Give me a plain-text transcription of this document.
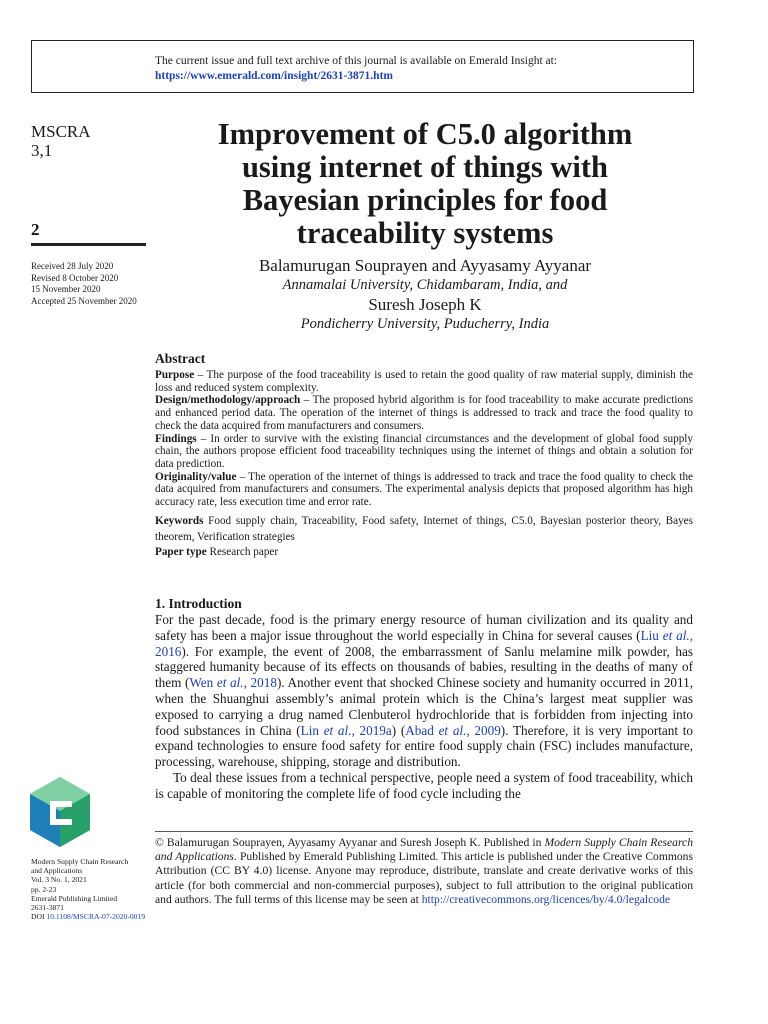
The current issue and full text archive of this journal is available on Emerald Insight at:
https://www.emerald.com/insight/2631-3871.htm
MSCRA
3,1
2
Received 28 July 2020
Revised 8 October 2020
15 November 2020
Accepted 25 November 2020
Improvement of C5.0 algorithm
using internet of things with
Bayesian principles for food
traceability systems
Balamurugan Souprayen and Ayyasamy Ayyanar
Annamalai University, Chidambaram, India, and
Suresh Joseph K
Pondicherry University, Puducherry, India
Abstract

Purpose – The purpose of the food traceability is used to retain the good quality of raw material supply, diminish the loss and reduced system complexity.

Design/methodology/approach – The proposed hybrid algorithm is for food traceability to make accurate predictions and enhanced period data. The operation of the internet of things is addressed to track and trace the food quality to check the data acquired from manufacturers and consumers.

Findings – In order to survive with the existing financial circumstances and the development of global food supply chain, the authors propose efficient food traceability techniques using the internet of things and obtain a solution for data prediction.

Originality/value – The operation of the internet of things is addressed to track and trace the food quality to check the data acquired from manufacturers and consumers. The experimental analysis depicts that proposed algorithm has high accuracy rate, less execution time and error rate.

Keywords Food supply chain, Traceability, Food safety, Internet of things, C5.0, Bayesian posterior theory, Bayes theorem, Verification strategies

Paper type Research paper

1. Introduction

For the past decade, food is the primary energy resource of human civilization and its quality and safety has been a major issue throughout the world especially in China for several causes (Liu et al., 2016). For example, the event of 2008, the embarrassment of Sanlu melamine milk powder, has staggered humanity because of its effects on thousands of babies, resulting in the deaths of many of them (Wen et al., 2018). Another event that shocked Chinese society and humanity occurred in 2011, when the Shuanghui assembly’s animal protein which is the China’s largest meat supplier was exposed to carrying a drug named Clenbuterol hydrochloride that is forbidden from injecting into food substances in China (Lin et al., 2019a) (Abad et al., 2009). Therefore, it is very important to expand technologies to ensure food safety for entire food supply chain (FSC) includes manufacture, processing, warehouse, shipping, storage and distribution.

To deal these issues from a technical perspective, people need a system of food traceability, which is capable of monitoring the complete life of food cycle including the

© Balamurugan Souprayen, Ayyasamy Ayyanar and Suresh Joseph K. Published in Modern Supply Chain Research and Applications. Published by Emerald Publishing Limited. This article is published under the Creative Commons Attribution (CC BY 4.0) license. Anyone may reproduce, distribute, translate and create derivative works of this article (for both commercial and non-commercial purposes), subject to full attribution to the original publication and authors. The full terms of this license may be seen at http://creativecommons.org/licences/by/4.0/legalcode
Modern Supply Chain Research
and Applications
Vol. 3 No. 1, 2021
pp. 2-23
Emerald Publishing Limited
2631-3871
DOI 10.1108/MSCRA-07-2020-0019
